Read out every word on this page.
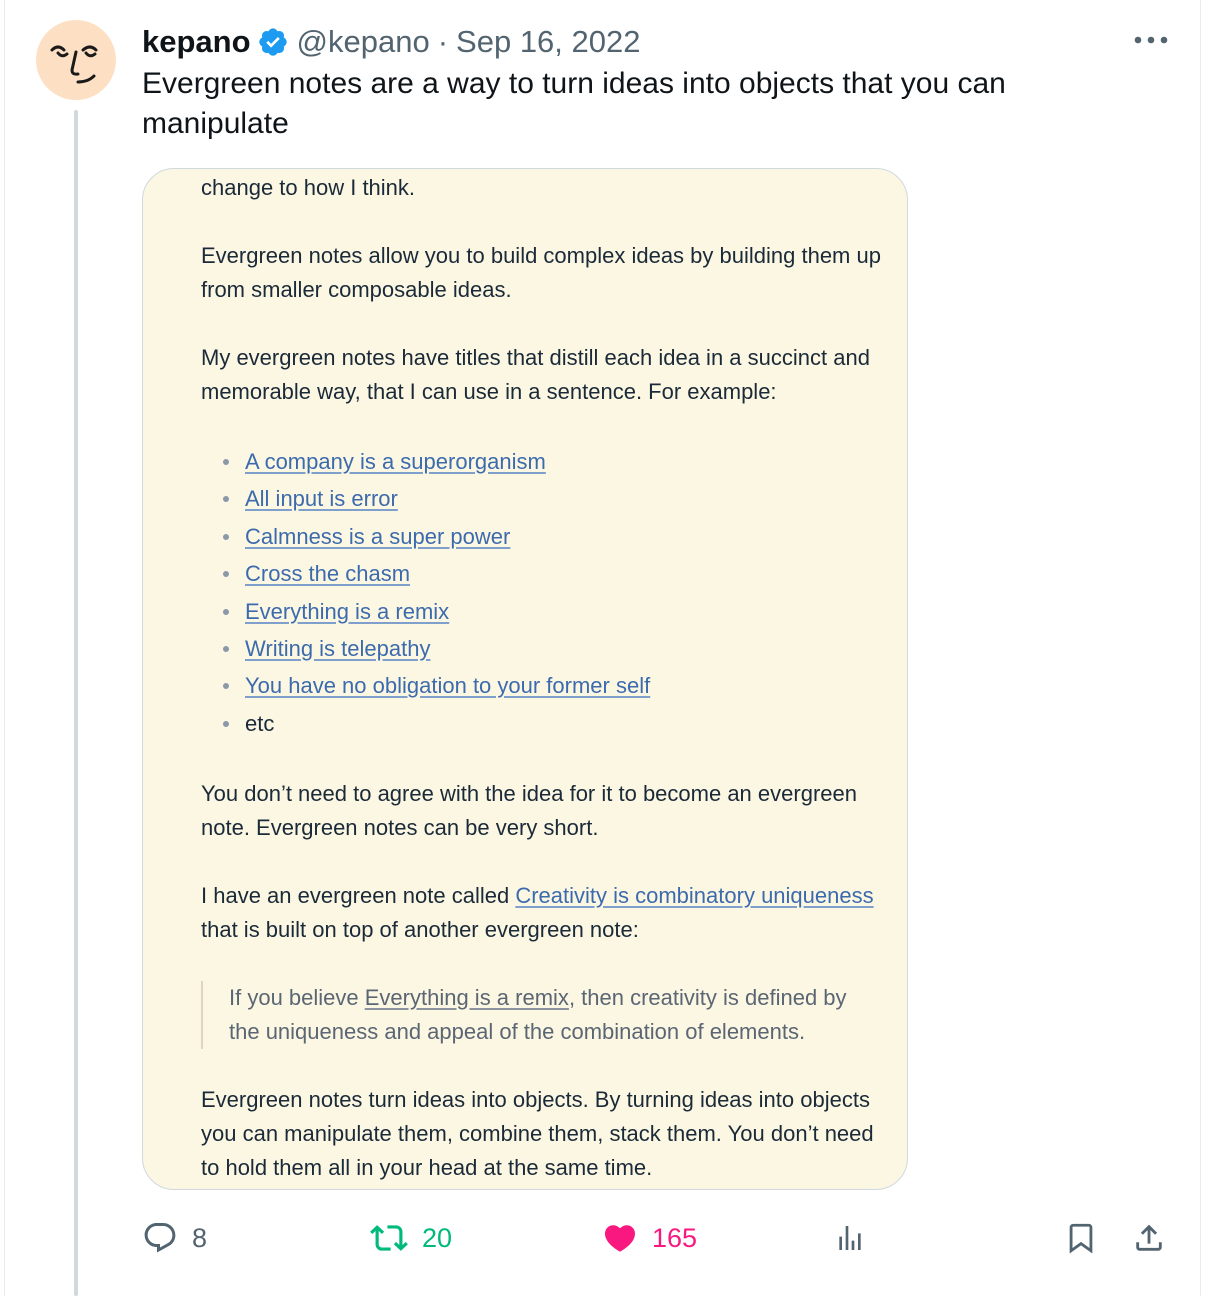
kepano @kepano · Sep 16, 2022
Evergreen notes are a way to turn ideas into objects that you can manipulate

change to how I think.

Evergreen notes allow you to build complex ideas by building them up from smaller composable ideas.

My evergreen notes have titles that distill each idea in a succinct and memorable way, that I can use in a sentence. For example:

A company is a superorganism
All input is error
Calmness is a super power
Cross the chasm
Everything is a remix
Writing is telepathy
You have no obligation to your former self
etc

You don’t need to agree with the idea for it to become an evergreen note. Evergreen notes can be very short.

I have an evergreen note called Creativity is combinatory uniqueness that is built on top of another evergreen note:

If you believe Everything is a remix, then creativity is defined by the uniqueness and appeal of the combination of elements.

Evergreen notes turn ideas into objects. By turning ideas into objects you can manipulate them, combine them, stack them. You don’t need to hold them all in your head at the same time.

8	20	165
